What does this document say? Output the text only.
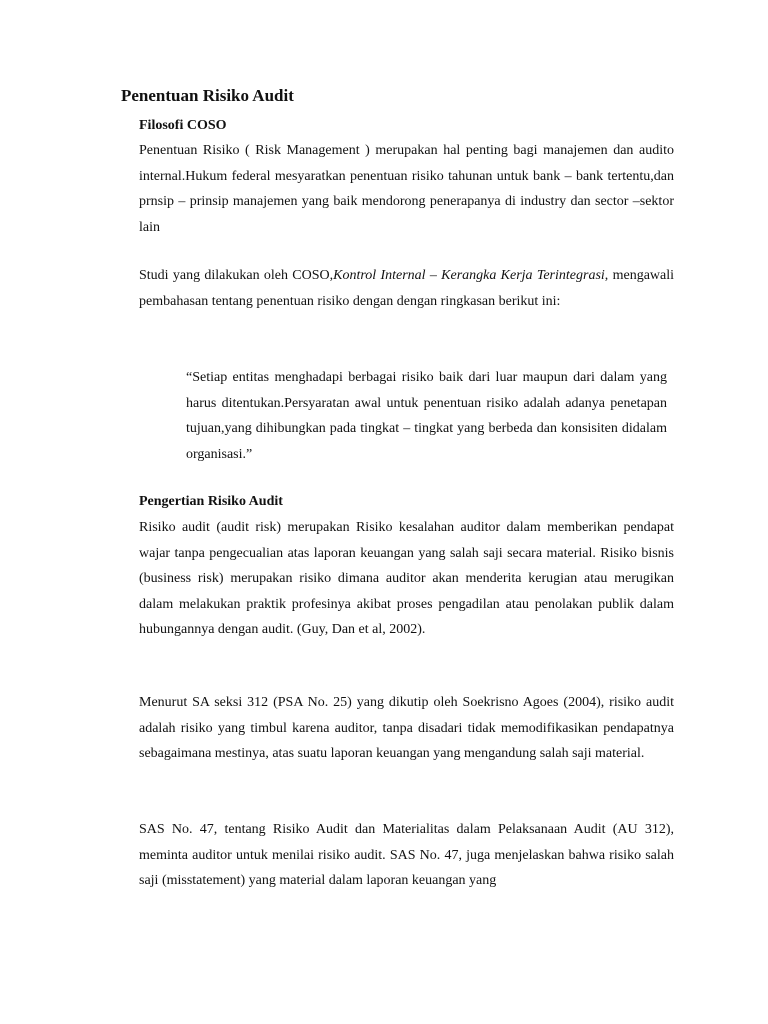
Penentuan Risiko Audit
Filosofi COSO

Penentuan Risiko ( Risk Management ) merupakan hal penting bagi manajemen dan audito internal.Hukum federal mesyaratkan penentuan risiko tahunan untuk bank – bank tertentu,dan prnsip – prinsip manajemen yang baik mendorong penerapanya di industry dan sector –sektor lain

Studi yang dilakukan oleh COSO,Kontrol Internal – Kerangka Kerja Terintegrasi, mengawali pembahasan tentang penentuan risiko dengan dengan ringkasan berikut ini:

“Setiap entitas menghadapi berbagai risiko baik dari luar maupun dari dalam yang harus ditentukan.Persyaratan awal untuk penentuan risiko adalah adanya penetapan tujuan,yang dihibungkan pada tingkat – tingkat yang berbeda dan konsisiten didalam organisasi.”

Pengertian Risiko Audit

Risiko audit (audit risk) merupakan Risiko kesalahan auditor dalam memberikan pendapat wajar tanpa pengecualian atas laporan keuangan yang salah saji secara material. Risiko bisnis (business risk) merupakan risiko dimana auditor akan menderita kerugian atau merugikan dalam melakukan praktik profesinya akibat proses pengadilan atau penolakan publik dalam hubungannya dengan audit. (Guy, Dan et al, 2002).

Menurut SA seksi 312 (PSA No. 25) yang dikutip oleh Soekrisno Agoes (2004), risiko audit adalah risiko yang timbul karena auditor, tanpa disadari tidak memodifikasikan pendapatnya sebagaimana mestinya, atas suatu laporan keuangan yang mengandung salah saji material.

SAS No. 47, tentang Risiko Audit dan Materialitas dalam Pelaksanaan Audit (AU 312), meminta auditor untuk menilai risiko audit. SAS No. 47, juga menjelaskan bahwa risiko salah saji (misstatement) yang material dalam laporan keuangan yang
